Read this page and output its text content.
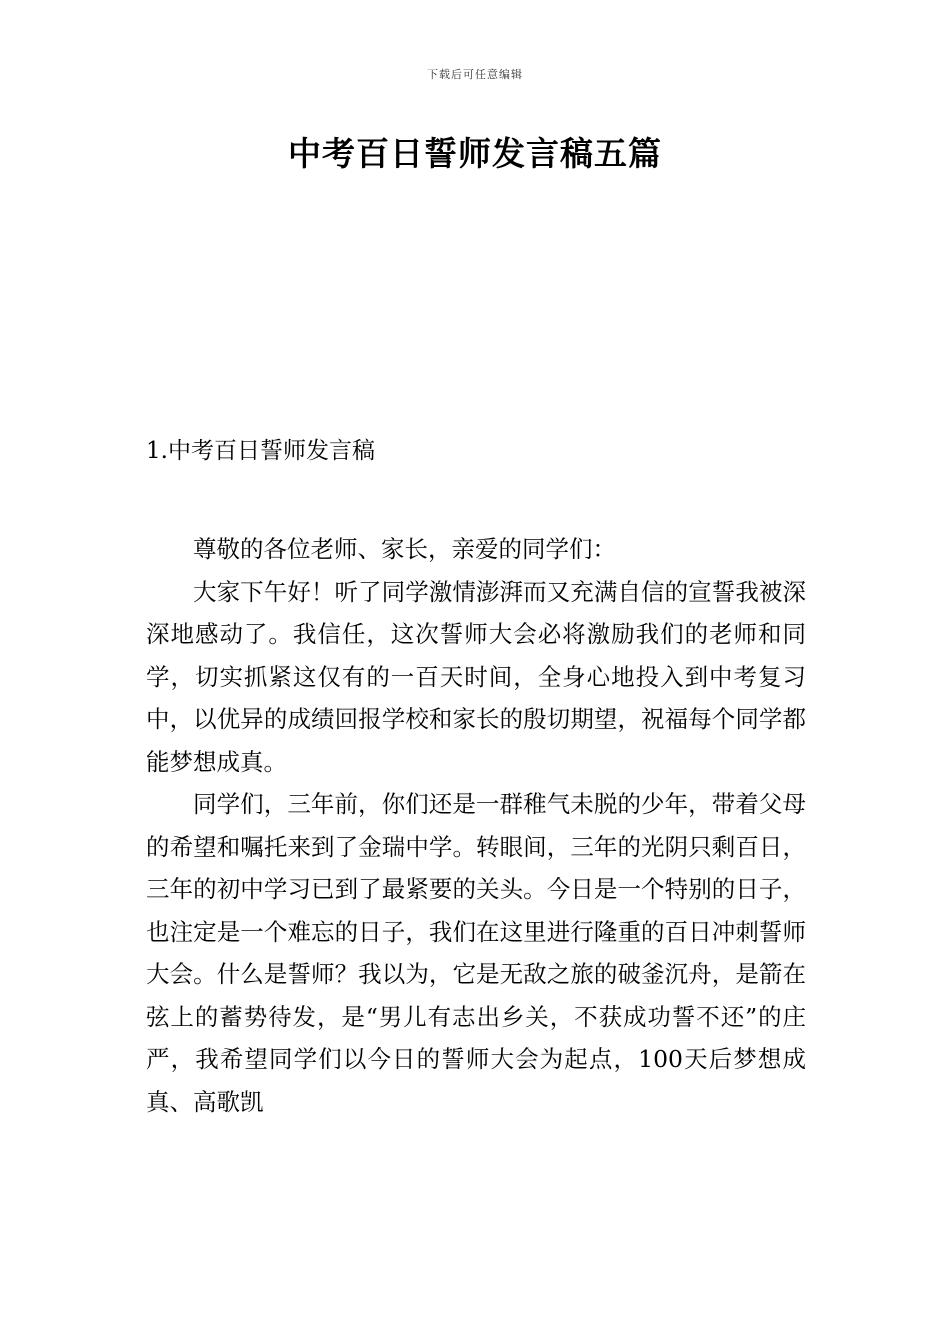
下载后可任意编辑
中考百日誓师发言稿五篇
1.中考百日誓师发言稿

尊敬的各位老师、家长，亲爱的同学们：

大家下午好！听了同学激情澎湃而又充满自信的宣誓我被深深地感动了。我信任，这次誓师大会必将激励我们的老师和同学，切实抓紧这仅有的一百天时间，全身心地投入到中考复习中，以优异的成绩回报学校和家长的殷切期望，祝福每个同学都能梦想成真。

同学们，三年前，你们还是一群稚气未脱的少年，带着父母的希望和嘱托来到了金瑞中学。转眼间，三年的光阴只剩百日，三年的初中学习已到了最紧要的关头。今日是一个特别的日子，也注定是一个难忘的日子，我们在这里进行隆重的百日冲刺誓师大会。什么是誓师？我以为，它是无敌之旅的破釜沉舟，是箭在弦上的蓄势待发，是“男儿有志出乡关，不获成功誓不还”的庄严，我希望同学们以今日的誓师大会为起点，100天后梦想成真、高歌凯
